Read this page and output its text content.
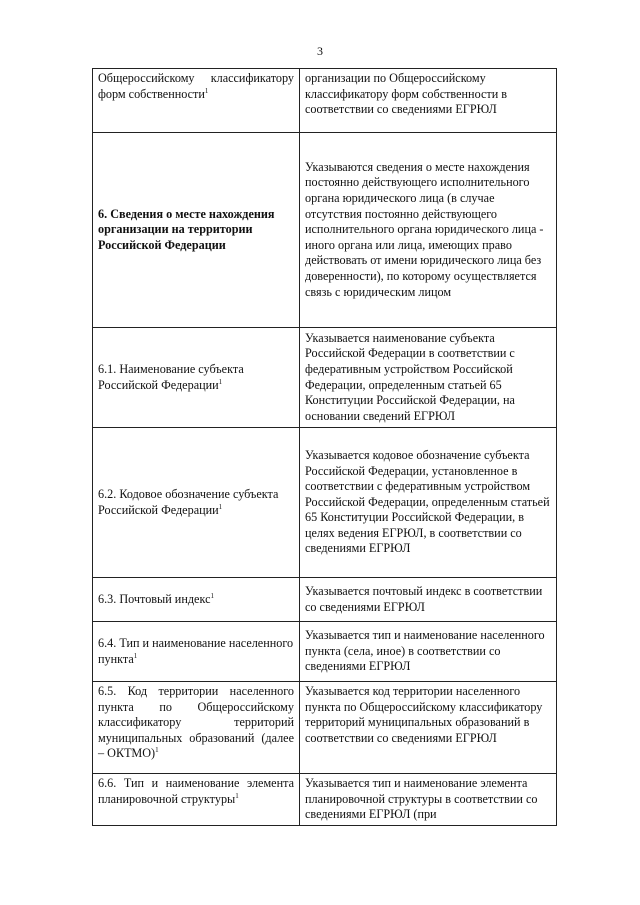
3
Общероссийскому классификатору форм собственности$^1$	организации по Общероссийскому классификатору форм собственности в соответствии со сведениями ЕГРЮЛ

6. Сведения о месте нахождения организации на территории Российской Федерации	Указываются сведения о месте нахождения постоянно действующего исполнительного органа юридического лица (в случае отсутствия постоянно действующего исполнительного органа юридического лица - иного органа или лица, имеющих право действовать от имени юридического лица без доверенности), по которому осуществляется связь с юридическим лицом

6.1. Наименование субъекта Российской Федерации$^1$	Указывается наименование субъекта Российской Федерации в соответствии с федеративным устройством Российской Федерации, определенным статьей 65 Конституции Российской Федерации, на основании сведений ЕГРЮЛ

6.2. Кодовое обозначение субъекта Российской Федерации$^1$	Указывается кодовое обозначение субъекта Российской Федерации, установленное в соответствии с федеративным устройством Российской Федерации, определенным статьей 65 Конституции Российской Федерации, в целях ведения ЕГРЮЛ, в соответствии со сведениями ЕГРЮЛ

6.3. Почтовый индекс$^1$	Указывается почтовый индекс в соответствии со сведениями ЕГРЮЛ

6.4. Тип и наименование населенного пункта$^1$	Указывается тип и наименование населенного пункта (села, иное) в соответствии со сведениями ЕГРЮЛ

6.5. Код территории населенного пункта по Общероссийскому классификатору территорий муниципальных образований (далее – ОКТМО)$^1$	Указывается код территории населенного пункта по Общероссийскому классификатору территорий муниципальных образований в соответствии со сведениями ЕГРЮЛ

6.6. Тип и наименование элемента планировочной структуры$^1$	Указывается тип и наименование элемента планировочной структуры в соответствии со сведениями ЕГРЮЛ (при
